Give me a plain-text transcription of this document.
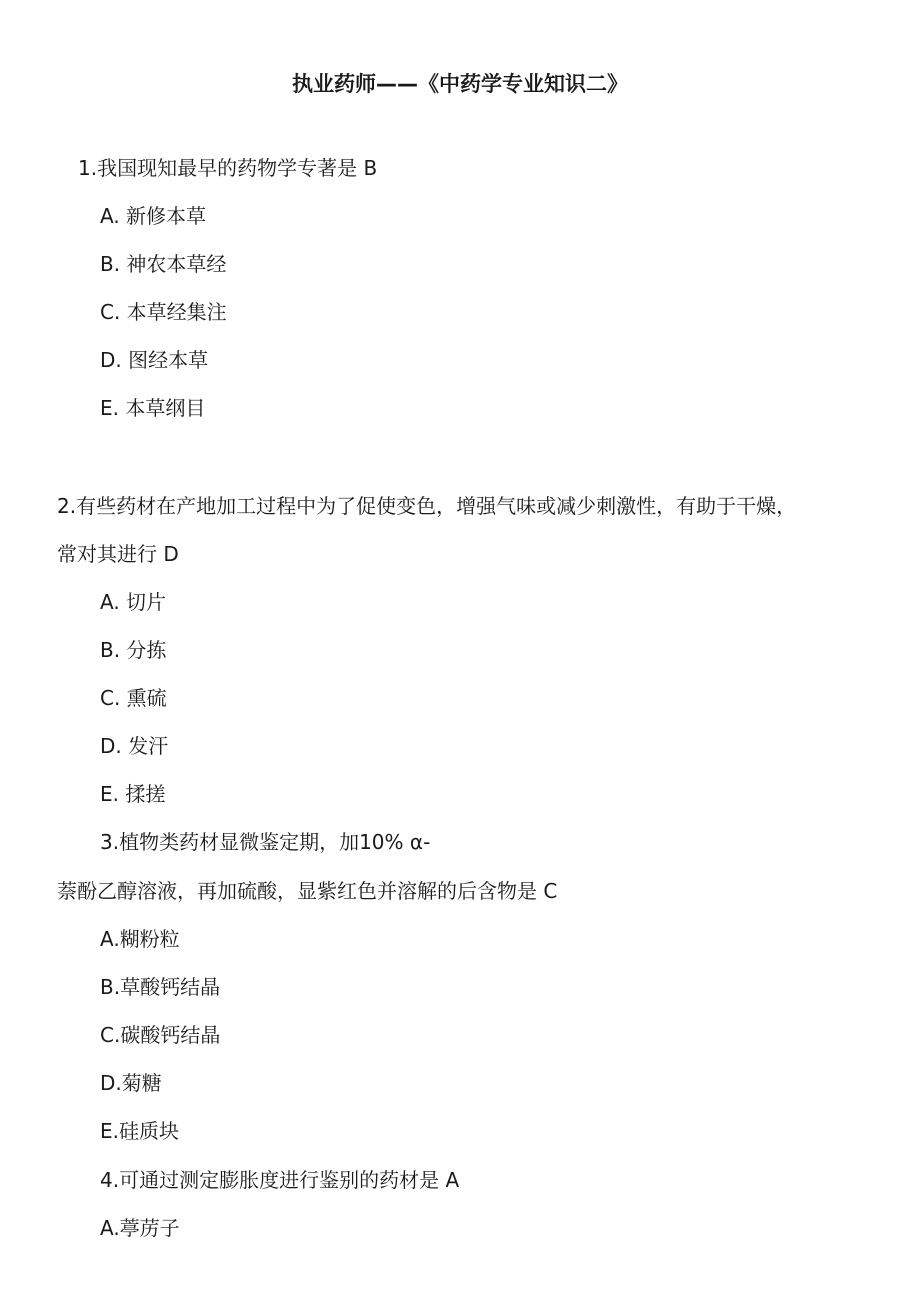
执业药师——《中药学专业知识二》
1.我国现知最早的药物学专著是 B
A. 新修本草
B. 神农本草经
C. 本草经集注
D. 图经本草
E. 本草纲目
2.有些药材在产地加工过程中为了促使变色，增强气味或减少刺激性，有助于干燥，
常对其进行 D
A. 切片
B. 分拣
C. 熏硫
D. 发汗
E. 揉搓
3.植物类药材显微鉴定期，加10% α-
萘酚乙醇溶液，再加硫酸，显紫红色并溶解的后含物是 C
A.糊粉粒
B.草酸钙结晶
C.碳酸钙结晶
D.菊糖
E.硅质块
4.可通过测定膨胀度进行鉴别的药材是 A
A.葶苈子
